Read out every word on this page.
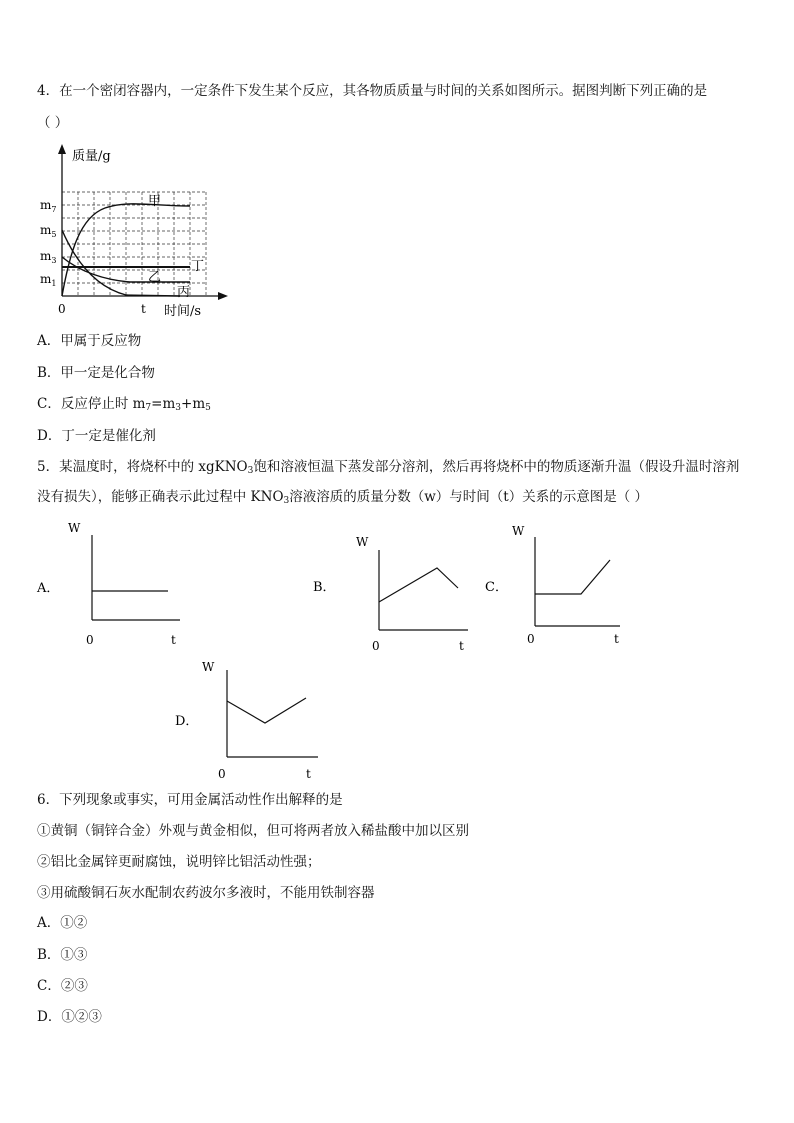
4．在一个密闭容器内，一定条件下发生某个反应，其各物质质量与时间的关系如图所示。据图判断下列正确的是
（ ）
$m_7$
$m_5$
$m_3$
$m_1$
0	t
质量/g
时间/s
甲
丁
乙
丙
A．甲属于反应物
B．甲一定是化合物
C．反应停止时 $m_7=m_3+m_5$
D．丁一定是催化剂
5．某温度时，将烧杯中的 xgKNO$_3$饱和溶液恒温下蒸发部分溶剂，然后再将烧杯中的物质逐渐升温（假设升温时溶剂
没有损失），能够正确表示此过程中 $KNO_3$溶液溶质的质量分数（w）与时间（t）关系的示意图是（ ）
A．
W
0	t
B．
W
0	t
C．
W
0	t
D．
W
0	t
6．下列现象或事实，可用金属活动性作出解释的是
①黄铜（铜锌合金）外观与黄金相似，但可将两者放入稀盐酸中加以区别
②铝比金属锌更耐腐蚀，说明锌比铝活动性强；
③用硫酸铜石灰水配制农药波尔多液时，不能用铁制容器
A．①②
B．①③
C．②③
D．①②③
